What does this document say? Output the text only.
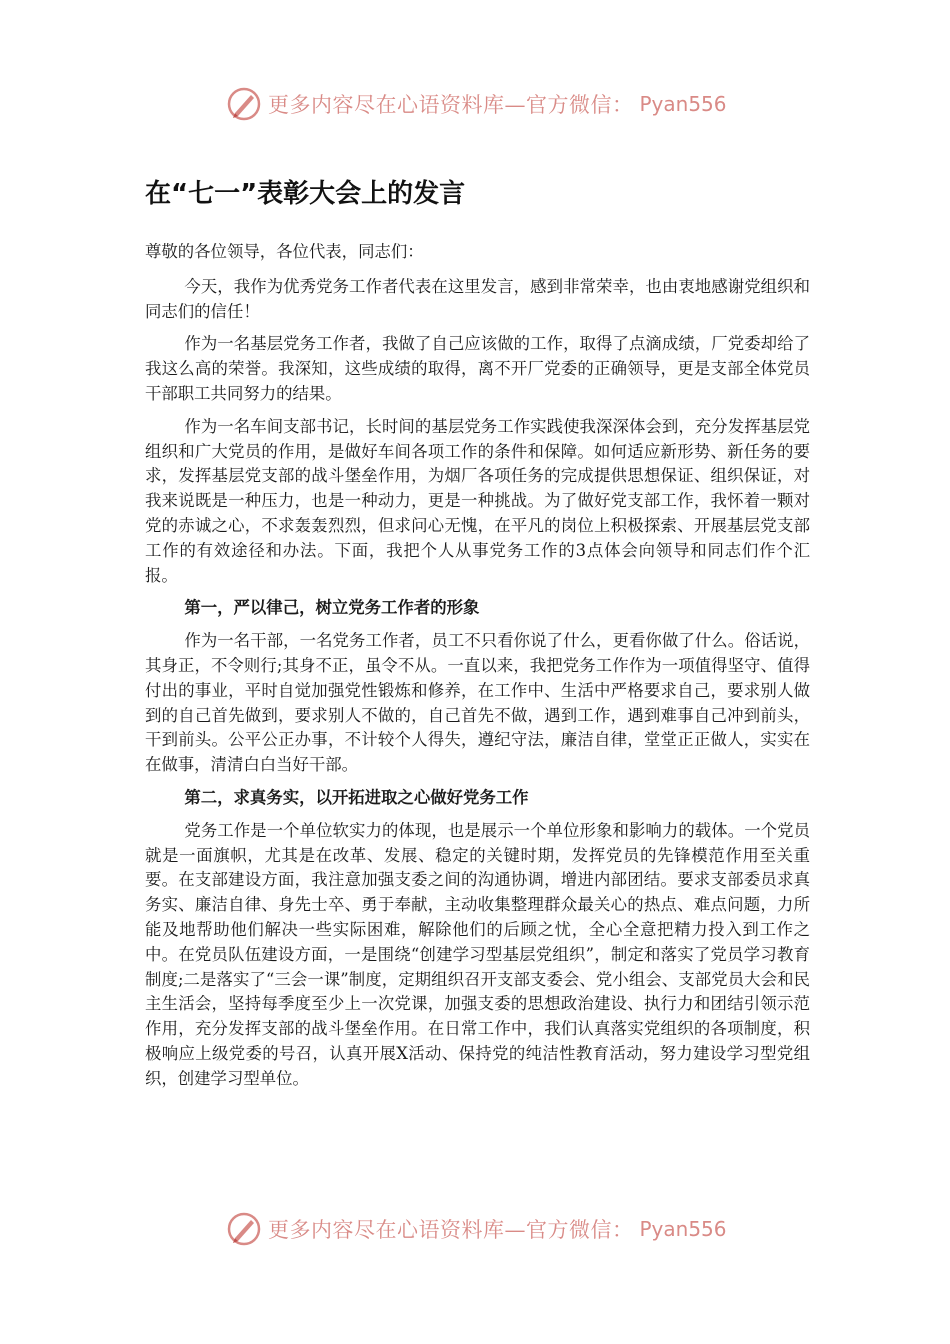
更多内容尽在心语资料库—官方微信： Pyan556
在“七一”表彰大会上的发言

尊敬的各位领导，各位代表，同志们：

今天，我作为优秀党务工作者代表在这里发言，感到非常荣幸，也由衷地感谢党组织和同志们的信任！

作为一名基层党务工作者，我做了自己应该做的工作，取得了点滴成绩，厂党委却给了我这么高的荣誉。我深知，这些成绩的取得，离不开厂党委的正确领导，更是支部全体党员干部职工共同努力的结果。

作为一名车间支部书记，长时间的基层党务工作实践使我深深体会到，充分发挥基层党组织和广大党员的作用，是做好车间各项工作的条件和保障。如何适应新形势、新任务的要求，发挥基层党支部的战斗堡垒作用，为烟厂各项任务的完成提供思想保证、组织保证，对我来说既是一种压力，也是一种动力，更是一种挑战。为了做好党支部工作，我怀着一颗对党的赤诚之心，不求轰轰烈烈，但求问心无愧，在平凡的岗位上积极探索、开展基层党支部工作的有效途径和办法。下面，我把个人从事党务工作的3点体会向领导和同志们作个汇报。

第一，严以律己，树立党务工作者的形象

作为一名干部，一名党务工作者，员工不只看你说了什么，更看你做了什么。俗话说，其身正，不令则行;其身不正，虽令不从。一直以来，我把党务工作作为一项值得坚守、值得付出的事业，平时自觉加强党性锻炼和修养，在工作中、生活中严格要求自己，要求别人做到的自己首先做到，要求别人不做的，自己首先不做，遇到工作，遇到难事自己冲到前头，干到前头。公平公正办事，不计较个人得失，遵纪守法，廉洁自律，堂堂正正做人，实实在在做事，清清白白当好干部。

第二，求真务实，以开拓进取之心做好党务工作

党务工作是一个单位软实力的体现，也是展示一个单位形象和影响力的载体。一个党员就是一面旗帜，尤其是在改革、发展、稳定的关键时期，发挥党员的先锋模范作用至关重要。在支部建设方面，我注意加强支委之间的沟通协调，增进内部团结。要求支部委员求真务实、廉洁自律、身先士卒、勇于奉献，主动收集整理群众最关心的热点、难点问题，力所能及地帮助他们解决一些实际困难，解除他们的后顾之忧，全心全意把精力投入到工作之中。在党员队伍建设方面，一是围绕“创建学习型基层党组织”，制定和落实了党员学习教育制度;二是落实了“三会一课”制度，定期组织召开支部支委会、党小组会、支部党员大会和民主生活会，坚持每季度至少上一次党课，加强支委的思想政治建设、执行力和团结引领示范作用，充分发挥支部的战斗堡垒作用。在日常工作中，我们认真落实党组织的各项制度，积极响应上级党委的号召，认真开展X活动、保持党的纯洁性教育活动，努力建设学习型党组织，创建学习型单位。

更多内容尽在心语资料库—官方微信： Pyan556
